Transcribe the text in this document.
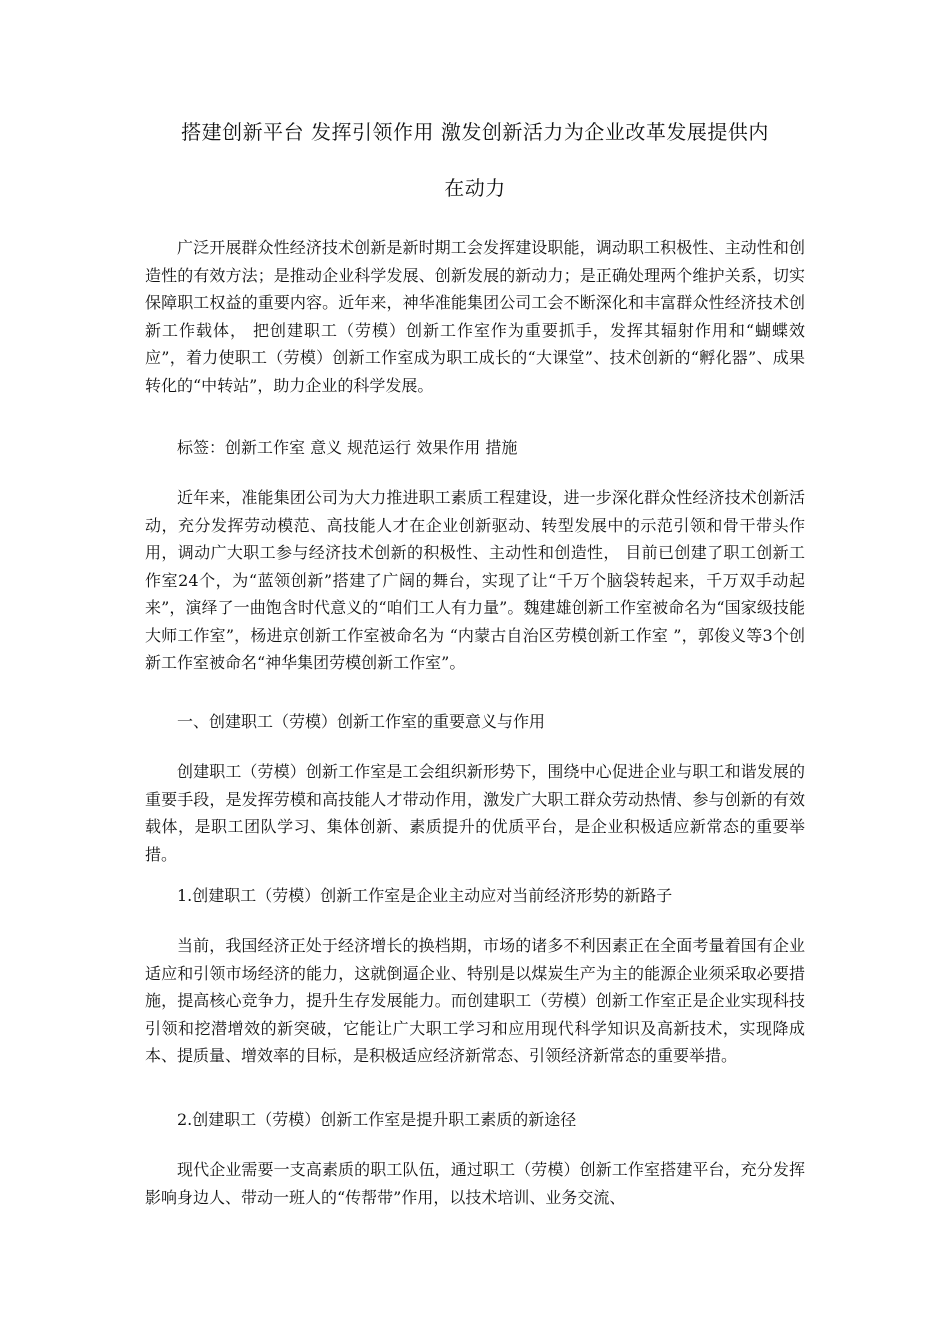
搭建创新平台 发挥引领作用 激发创新活力为企业改革发展提供内
在动力

广泛开展群众性经济技术创新是新时期工会发挥建设职能，调动职工积极性、主动性和创造性的有效方法；是推动企业科学发展、创新发展的新动力；是正确处理两个维护关系，切实保障职工权益的重要内容。近年来，神华准能集团公司工会不断深化和丰富群众性经济技术创新工作载体， 把创建职工（劳模）创新工作室作为重要抓手，发挥其辐射作用和“蝴蝶效应”，着力使职工（劳模）创新工作室成为职工成长的“大课堂”、技术创新的“孵化器”、成果转化的“中转站”，助力企业的科学发展。

标签：创新工作室 意义 规范运行 效果作用 措施

近年来，准能集团公司为大力推进职工素质工程建设，进一步深化群众性经济技术创新活动，充分发挥劳动模范、高技能人才在企业创新驱动、转型发展中的示范引领和骨干带头作用，调动广大职工参与经济技术创新的积极性、主动性和创造性， 目前已创建了职工创新工作室24个，为“蓝领创新”搭建了广阔的舞台，实现了让“千万个脑袋转起来，千万双手动起来”，演绎了一曲饱含时代意义的“咱们工人有力量”。魏建雄创新工作室被命名为“国家级技能大师工作室”，杨进京创新工作室被命名为 “内蒙古自治区劳模创新工作室 ”，郭俊义等3个创新工作室被命名“神华集团劳模创新工作室”。

一、创建职工（劳模）创新工作室的重要意义与作用

创建职工（劳模）创新工作室是工会组织新形势下，围绕中心促进企业与职工和谐发展的重要手段，是发挥劳模和高技能人才带动作用，激发广大职工群众劳动热情、参与创新的有效载体，是职工团队学习、集体创新、素质提升的优质平台，是企业积极适应新常态的重要举措。

1.创建职工（劳模）创新工作室是企业主动应对当前经济形势的新路子

当前，我国经济正处于经济增长的换档期，市场的诸多不利因素正在全面考量着国有企业适应和引领市场经济的能力，这就倒逼企业、特别是以煤炭生产为主的能源企业须采取必要措施，提高核心竞争力，提升生存发展能力。而创建职工（劳模）创新工作室正是企业实现科技引领和挖潜增效的新突破，它能让广大职工学习和应用现代科学知识及高新技术，实现降成本、提质量、增效率的目标，是积极适应经济新常态、引领经济新常态的重要举措。

2.创建职工（劳模）创新工作室是提升职工素质的新途径

现代企业需要一支高素质的职工队伍，通过职工（劳模）创新工作室搭建平台，充分发挥影响身边人、带动一班人的“传帮带”作用，以技术培训、业务交流、
